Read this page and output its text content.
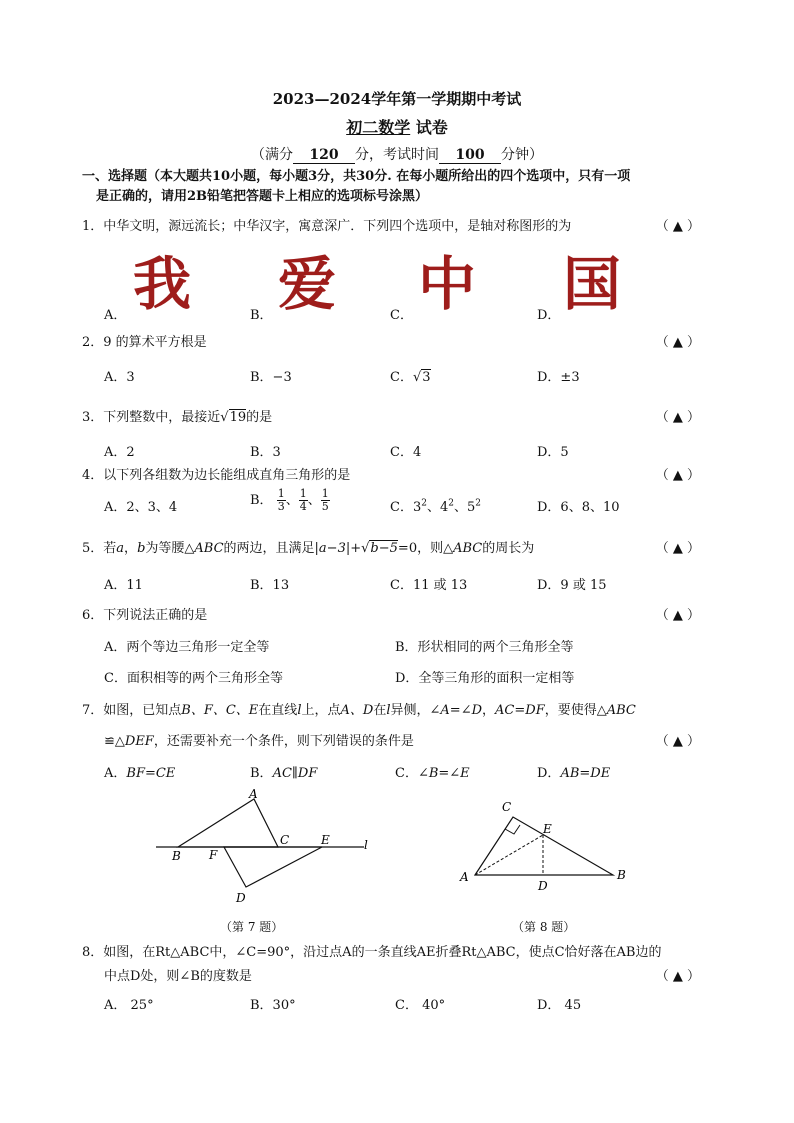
2023—2024学年第一学期期中考试
初二数学 试卷
（满分 120 分，考试时间 100 分钟）
一、选择题（本大题共10小题，每小题3分，共30分. 在每小题所给出的四个选项中，只有一项
是正确的，请用2B铅笔把答题卡上相应的选项标号涂黑）
1．中华文明，源远流长；中华汉字，寓意深广．下列四个选项中，是轴对称图形的为	（ ▲ ）
A． 我	B． 爱	C． 中	D． 国
2．9 的算术平方根是	（ ▲ ）
A．3	B．−3	C．√3	D．±3
3．下列整数中，最接近√19的是	（ ▲ ）
A．2	B．3	C．4	D．5
4．以下列各组数为边长能组成直角三角形的是	（ ▲ ）
A．2、3、4	B． $\frac{1}{3}$ 、 $\frac{1}{4}$ 、 $\frac{1}{5}$	C．$3^2$、$4^2$、$5^2$	D．6、8、10
5．若a，b为等腰△ABC的两边，且满足|a−3|+√b−5=0，则△ABC的周长为	（ ▲ ）
A．11	B．13	C．11 或 13	D．9 或 15
6．下列说法正确的是	（ ▲ ）
A．两个等边三角形一定全等	B．形状相同的两个三角形全等
C．面积相等的两个三角形全等	D．全等三角形的面积一定相等
7．如图，已知点B、F、C、E在直线l上，点A、D在l异侧，∠A=∠D，AC=DF，要使得△ABC
≌△DEF，还需要补充一个条件，则下列错误的条件是	（ ▲ ）
A．BF=CE	B．AC∥DF	C．∠B=∠E	D．AB=DE
A
B F
C	E	l
D
（第 7 题）
C
E
A
D
B
（第 8 题）
8．如图，在Rt△ABC中，∠C=90°，沿过点A的一条直线AE折叠Rt△ABC，使点C恰好落在AB边的
中点D处，则∠B的度数是	（ ▲ ）
A． 25°	B．30°	C． 40°	D． 45
